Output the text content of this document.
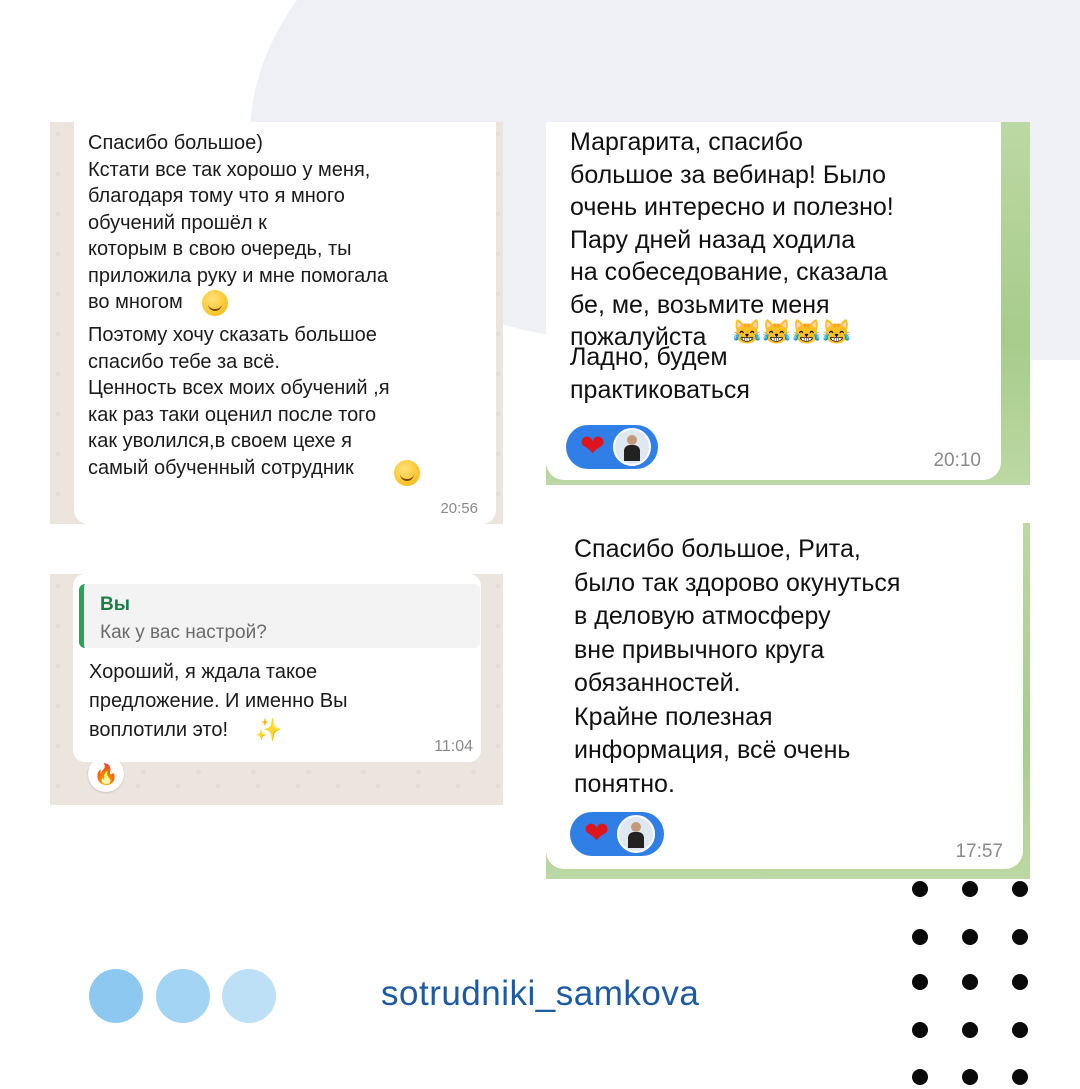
Спасибо большое)
Кстати все так хорошо у меня,
благодаря тому что я много
обучений прошёл к
которым в свою очередь, ты
приложила руку и мне помогала
во многом
Поэтому хочу сказать большое
спасибо тебе за всё.
Ценность всех моих обучений ,я
как раз таки оценил после того
как уволился,в своем цехе я
самый обученный сотрудник
20:56
Маргарита, спасибо
большое за вебинар! Было
очень интересно и полезно!
Пару дней назад ходила
на собеседование, сказала
бе, ме, возьмите меня
пожалуйста	😹😹😹😹
Ладно, будем
практиковаться
❤	20:10
Вы
Как у вас настрой?
Хороший, я ждала такое
предложение. И именно Вы
воплотили это!	✨
11:04
🔥
Спасибо большое, Рита,
было так здорово окунуться
в деловую атмосферу
вне привычного круга
обязанностей.
Крайне полезная
информация, всё очень
понятно.
❤
17:57
sotrudniki_samkova
